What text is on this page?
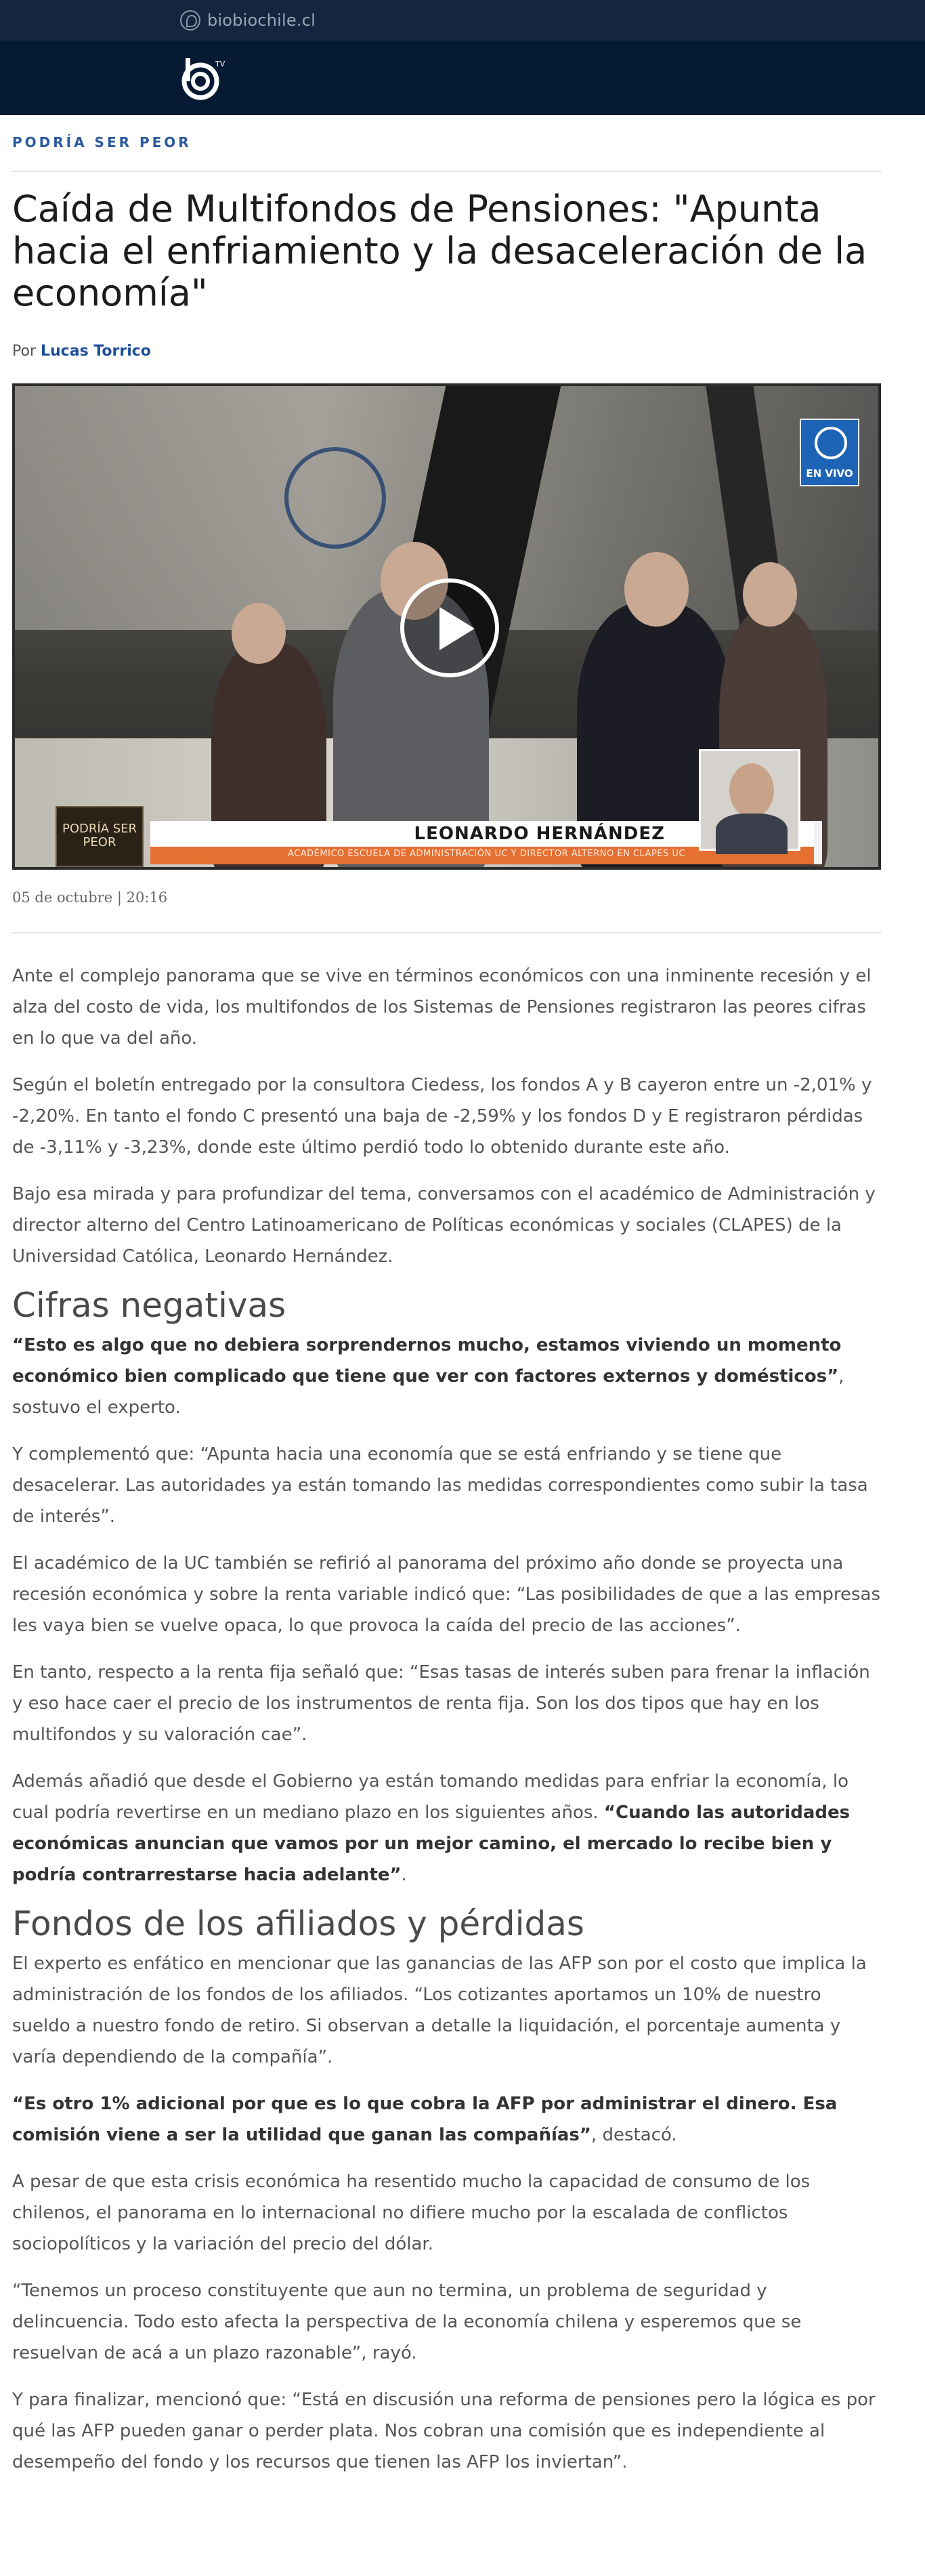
biobiochile.cl
TV
PODRÍA SER PEOR
Caída de Multifondos de Pensiones: "Apunta hacia el enfriamiento y la desaceleración de la economía"
Por Lucas Torrico
EN VIVO
PODRÍA SER PEOR	LEONARDO HERNÁNDEZ
ACADÉMICO ESCUELA DE ADMINISTRACIÓN UC Y DIRECTOR ALTERNO EN CLAPES UC
05 de octubre | 20:16

Ante el complejo panorama que se vive en términos económicos con una inminente recesión y el alza del costo de vida, los multifondos de los Sistemas de Pensiones registraron las peores cifras en lo que va del año.

Según el boletín entregado por la consultora Ciedess, los fondos A y B cayeron entre un -2,01% y -2,20%. En tanto el fondo C presentó una baja de -2,59% y los fondos D y E registraron pérdidas de -3,11% y -3,23%, donde este último perdió todo lo obtenido durante este año.

Bajo esa mirada y para profundizar del tema, conversamos con el académico de Administración y director alterno del Centro Latinoamericano de Políticas económicas y sociales (CLAPES) de la Universidad Católica, Leonardo Hernández.

Cifras negativas

“Esto es algo que no debiera sorprendernos mucho, estamos viviendo un momento económico bien complicado que tiene que ver con factores externos y domésticos”, sostuvo el experto.

Y complementó que: “Apunta hacia una economía que se está enfriando y se tiene que desacelerar. Las autoridades ya están tomando las medidas correspondientes como subir la tasa de interés”.

El académico de la UC también se refirió al panorama del próximo año donde se proyecta una recesión económica y sobre la renta variable indicó que: “Las posibilidades de que a las empresas les vaya bien se vuelve opaca, lo que provoca la caída del precio de las acciones”.

En tanto, respecto a la renta fija señaló que: “Esas tasas de interés suben para frenar la inflación y eso hace caer el precio de los instrumentos de renta fija. Son los dos tipos que hay en los multifondos y su valoración cae”.

Además añadió que desde el Gobierno ya están tomando medidas para enfriar la economía, lo cual podría revertirse en un mediano plazo en los siguientes años. “Cuando las autoridades económicas anuncian que vamos por un mejor camino, el mercado lo recibe bien y podría contrarrestarse hacia adelante”.

Fondos de los afiliados y pérdidas

El experto es enfático en mencionar que las ganancias de las AFP son por el costo que implica la administración de los fondos de los afiliados. “Los cotizantes aportamos un 10% de nuestro sueldo a nuestro fondo de retiro. Si observan a detalle la liquidación, el porcentaje aumenta y varía dependiendo de la compañía”.

“Es otro 1% adicional por que es lo que cobra la AFP por administrar el dinero. Esa comisión viene a ser la utilidad que ganan las compañías”, destacó.

A pesar de que esta crisis económica ha resentido mucho la capacidad de consumo de los chilenos, el panorama en lo internacional no difiere mucho por la escalada de conflictos sociopolíticos y la variación del precio del dólar.

“Tenemos un proceso constituyente que aun no termina, un problema de seguridad y delincuencia. Todo esto afecta la perspectiva de la economía chilena y esperemos que se resuelvan de acá a un plazo razonable”, rayó.

Y para finalizar, mencionó que: “Está en discusión una reforma de pensiones pero la lógica es por qué las AFP pueden ganar o perder plata. Nos cobran una comisión que es independiente al desempeño del fondo y los recursos que tienen las AFP los inviertan”.
